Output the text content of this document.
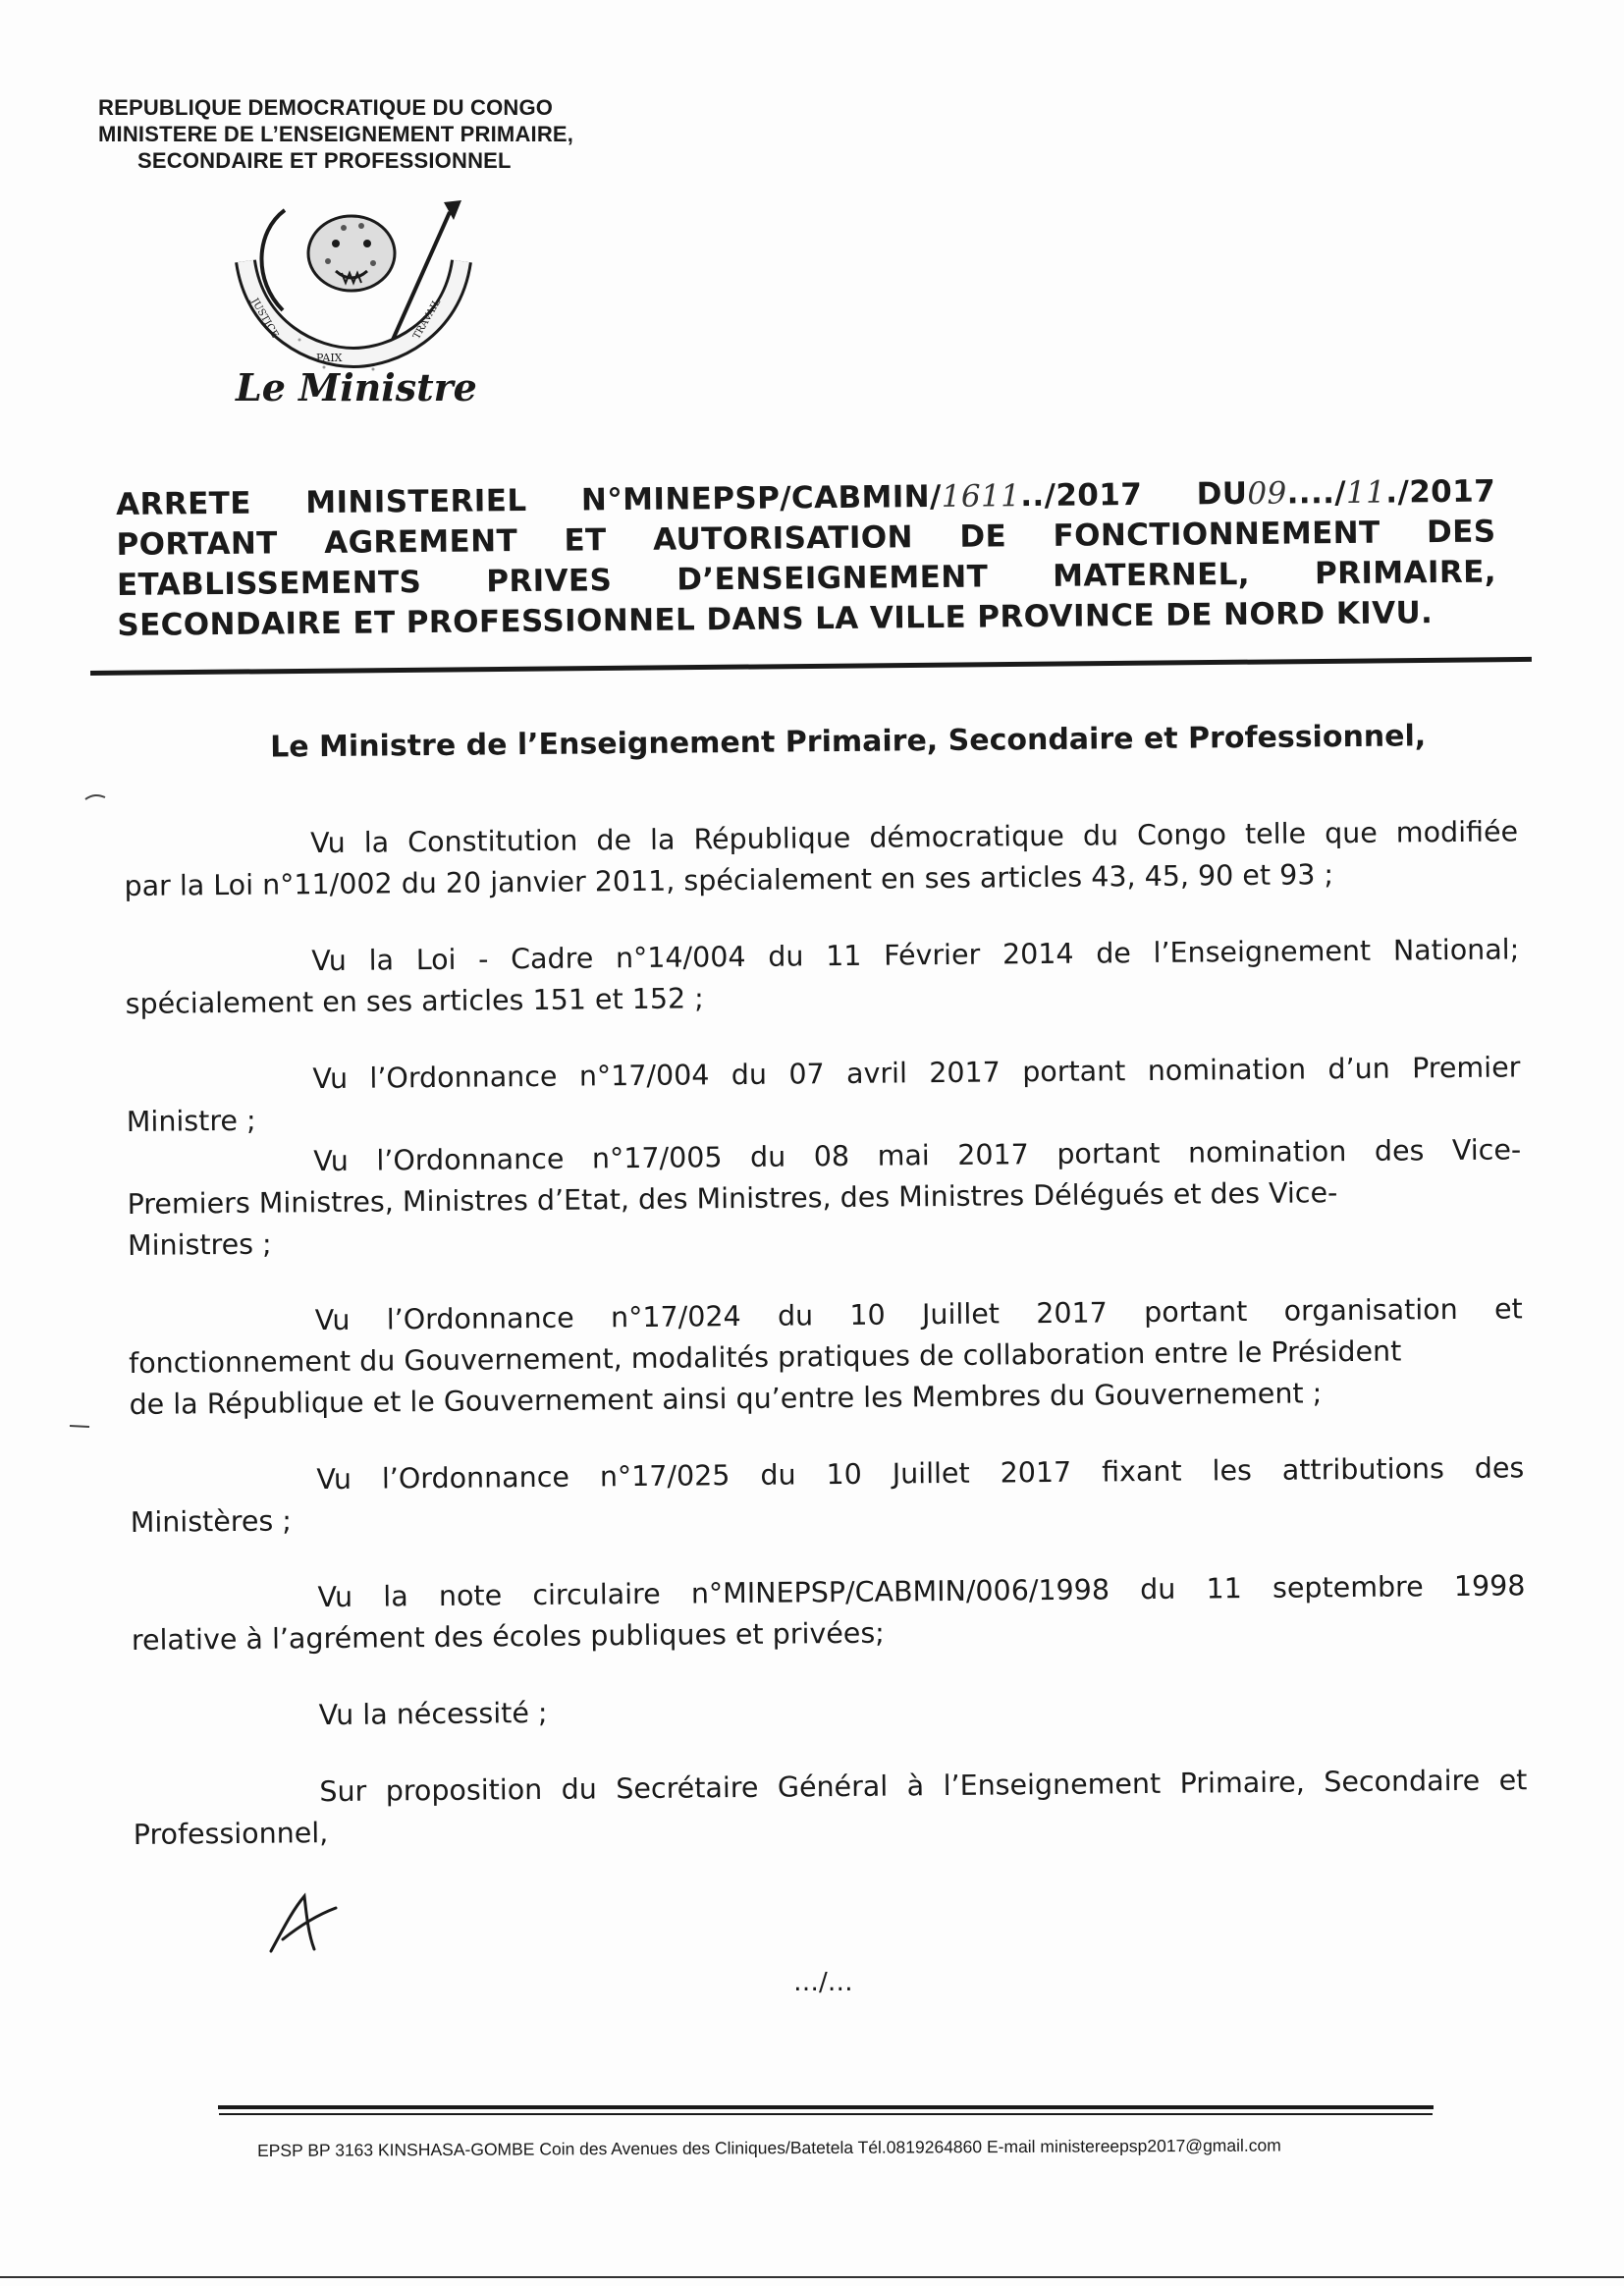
REPUBLIQUE DEMOCRATIQUE DU CONGO
MINISTERE DE L’ENSEIGNEMENT PRIMAIRE,
SECONDAIRE ET PROFESSIONNEL
PAIX
JUSTICE	TRAVAIL
Le Ministre
ARRETE MINISTERIEL N°MINEPSP/CABMIN/1611../2017 DU09..../11./2017
PORTANT AGREMENT ET AUTORISATION DE FONCTIONNEMENT DES
ETABLISSEMENTS PRIVES D’ENSEIGNEMENT MATERNEL, PRIMAIRE,
SECONDAIRE ET PROFESSIONNEL DANS LA VILLE PROVINCE DE NORD KIVU.
Le Ministre de l’Enseignement Primaire, Secondaire et Professionnel,
Vu la Constitution de la République démocratique du Congo telle que modifiée
par la Loi n°11/002 du 20 janvier 2011, spécialement en ses articles 43, 45, 90 et 93 ;
Vu la Loi - Cadre n°14/004 du 11 Février 2014 de l’Enseignement National;
spécialement en ses articles 151 et 152 ;
Vu l’Ordonnance n°17/004 du 07 avril 2017 portant nomination d’un Premier
Ministre ;
Vu l’Ordonnance n°17/005 du 08 mai 2017 portant nomination des Vice-
Premiers Ministres, Ministres d’Etat, des Ministres, des Ministres Délégués et des Vice-
Ministres ;
Vu l’Ordonnance n°17/024 du 10 Juillet 2017 portant organisation et
fonctionnement du Gouvernement, modalités pratiques de collaboration entre le Président
de la République et le Gouvernement ainsi qu’entre les Membres du Gouvernement ;
Vu l’Ordonnance n°17/025 du 10 Juillet 2017 fixant les attributions des
Ministères ;
Vu la note circulaire n°MINEPSP/CABMIN/006/1998 du 11 septembre 1998
relative à l’agrément des écoles publiques et privées;
Vu la nécessité ;
Sur proposition du Secrétaire Général à l’Enseignement Primaire, Secondaire et
Professionnel,
…/…
EPSP BP 3163 KINSHASA-GOMBE Coin des Avenues des Cliniques/Batetela Tél.0819264860 E-mail ministereepsp2017@gmail.com
